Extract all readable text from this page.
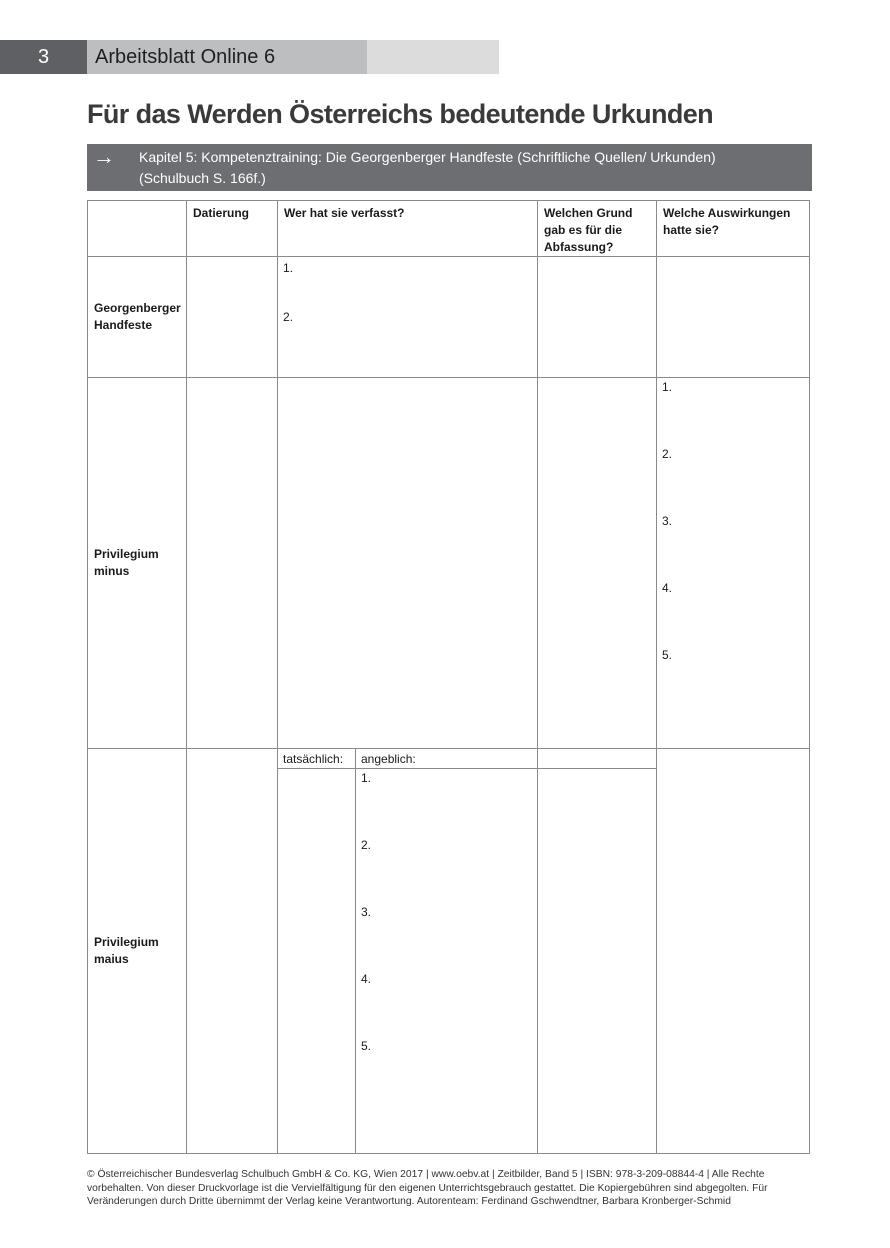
3	Arbeitsblatt Online 6
Für das Werden Österreichs bedeutende Urkunden
→ Kapitel 5: Kompetenztraining: Die Georgenberger Handfeste (Schriftliche Quellen/ Urkunden)
(Schulbuch S. 166f.)
	Datierung	Wer hat sie verfasst?		Welchen Grund gab es für die Abfassung?	Welche Auswirkungen hatte sie?
Georgenberger Handfeste		1.
2.			

Privilegium minus					1.
2.
3.
4.
5.

Privilegium maius		tatsächlich:	angeblich:		

			1.
2.
3.
4.
5.		

© Österreichischer Bundesverlag Schulbuch GmbH & Co. KG, Wien 2017 | www.oebv.at | Zeitbilder, Band 5 | ISBN: 978-3-209-08844-4 | Alle Rechte vorbehalten. Von dieser Druckvorlage ist die Vervielfältigung für den eigenen Unterrichtsgebrauch gestattet. Die Kopiergebühren sind abgegolten. Für Veränderungen durch Dritte übernimmt der Verlag keine Verantwortung. Autorenteam: Ferdinand Gschwendtner, Barbara Kronberger-Schmid
